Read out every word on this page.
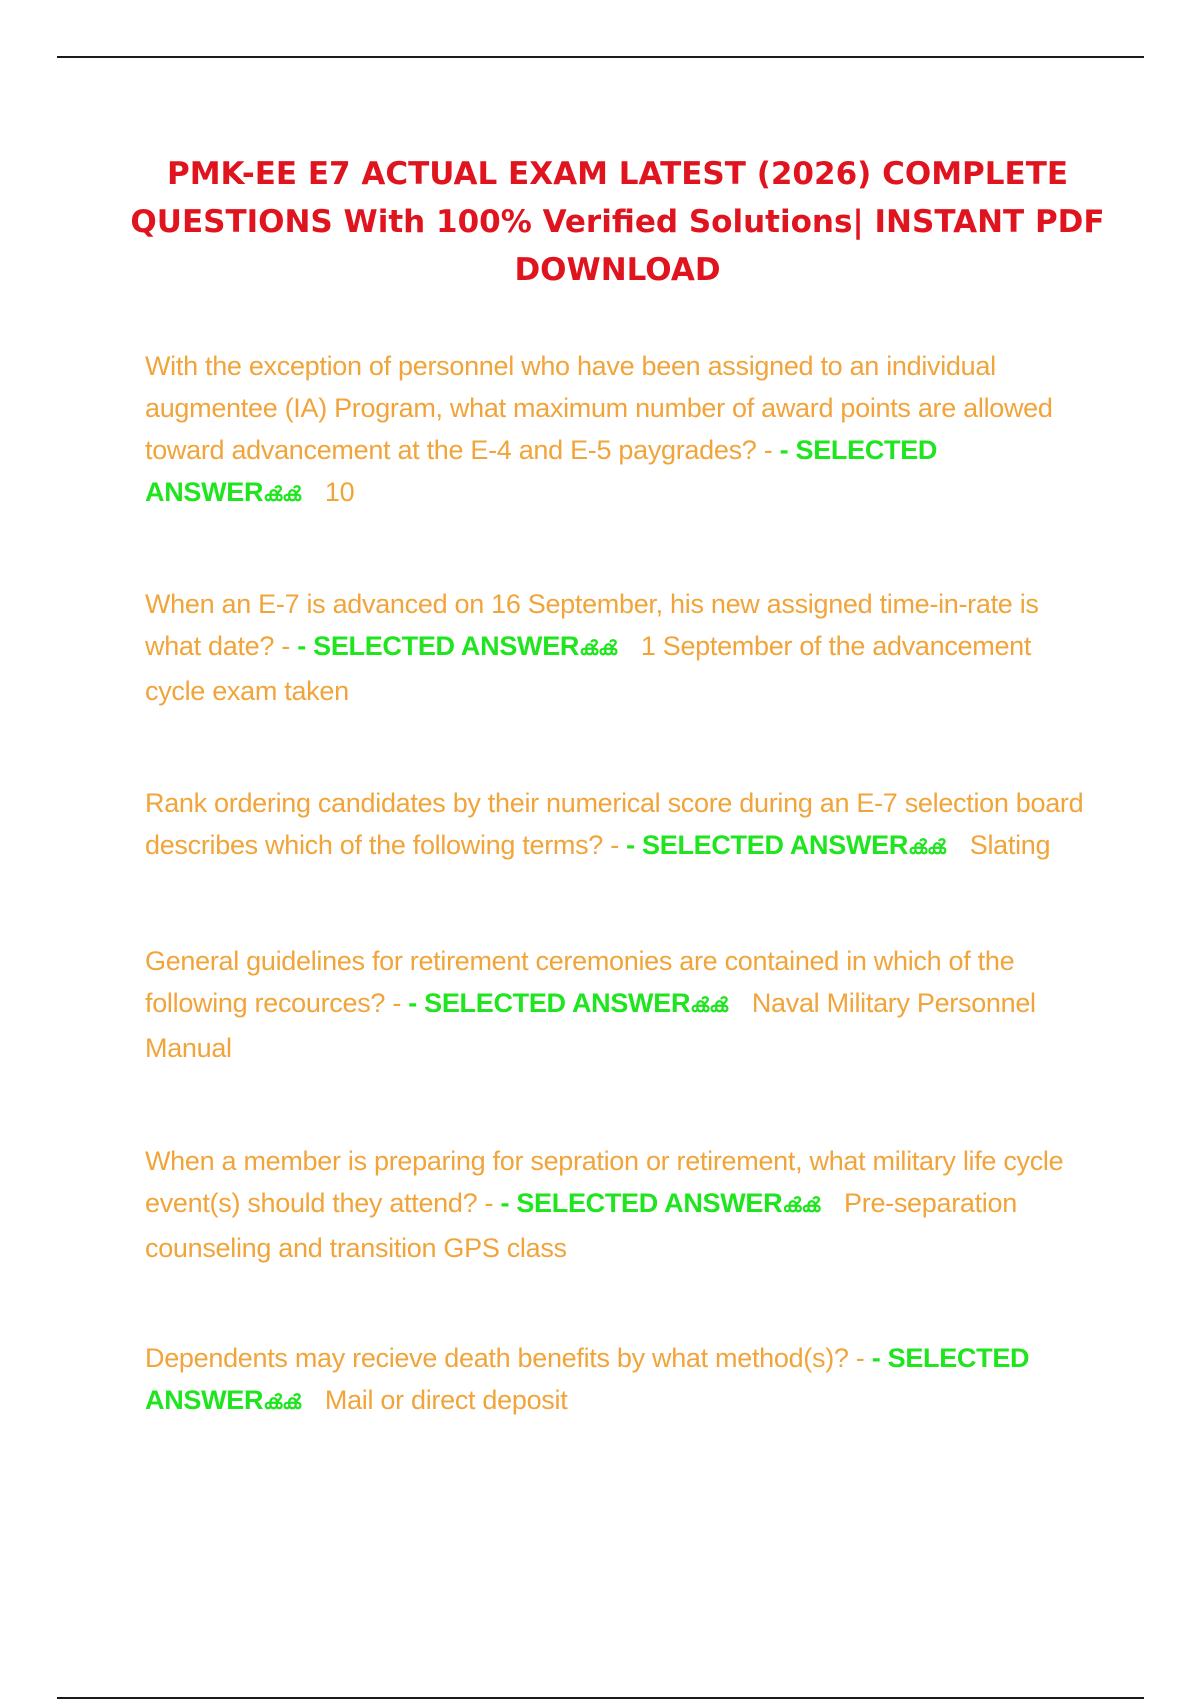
PMK-EE E7 ACTUAL EXAM LATEST (2026) COMPLETE QUESTIONS With 100% Verified Solutions| INSTANT PDF DOWNLOAD

With the exception of personnel who have been assigned to an individual augmentee (IA) Program, what maximum number of award points are allowed toward advancement at the E-4 and E-5 paygrades? - - SELECTED ANSWERൿൿ 10

When an E-7 is advanced on 16 September, his new assigned time-in-rate is what date? - - SELECTED ANSWERൿൿ 1 September of the advancement cycle exam taken

Rank ordering candidates by their numerical score during an E-7 selection board describes which of the following terms? - - SELECTED ANSWERൿൿ Slating

General guidelines for retirement ceremonies are contained in which of the following recources? - - SELECTED ANSWERൿൿ Naval Military Personnel Manual

When a member is preparing for sepration or retirement, what military life cycle event(s) should they attend? - - SELECTED ANSWERൿൿ Pre-separation counseling and transition GPS class

Dependents may recieve death benefits by what method(s)? - - SELECTED ANSWERൿൿ Mail or direct deposit
